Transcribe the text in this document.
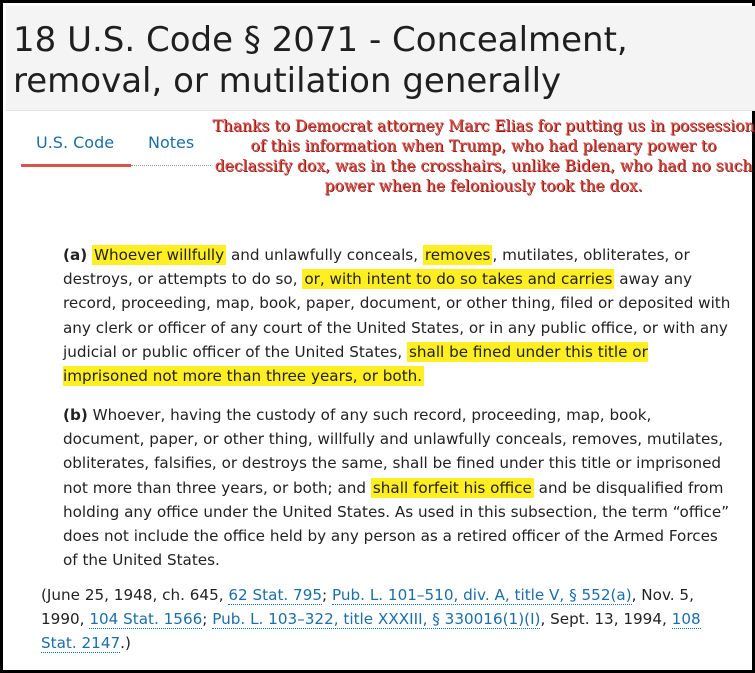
18 U.S. Code § 2071 - Concealment, removal, or mutilation generally
U.S. Code Notes
Thanks to Democrat attorney Marc Elias for putting us in possession of this information when Trump, who had plenary power to declassify dox, was in the crosshairs, unlike Biden, who had no such power when he feloniously took the dox.
(a) Whoever willfully and unlawfully conceals, removes , mutilates, obliterates, or destroys, or attempts to do so, or, with intent to do so takes and carries away any record, proceeding, map, book, paper, document, or other thing, filed or deposited with any clerk or officer of any court of the United States, or in any public office, or with any judicial or public officer of the United States, shall be fined under this title or imprisoned not more than three years, or both.
(b) Whoever, having the custody of any such record, proceeding, map, book, document, paper, or other thing, willfully and unlawfully conceals, removes, mutilates, obliterates, falsifies, or destroys the same, shall be fined under this title or imprisoned not more than three years, or both; and shall forfeit his office and be disqualified from holding any office under the United States. As used in this subsection, the term “office” does not include the office held by any person as a retired officer of the Armed Forces of the United States.
(June 25, 1948, ch. 645, 62 Stat. 795; Pub. L. 101–510, div. A, title V, § 552(a), Nov. 5, 1990, 104 Stat. 1566; Pub. L. 103–322, title XXXIII, § 330016(1)(I), Sept. 13, 1994, 108 Stat. 2147.)
